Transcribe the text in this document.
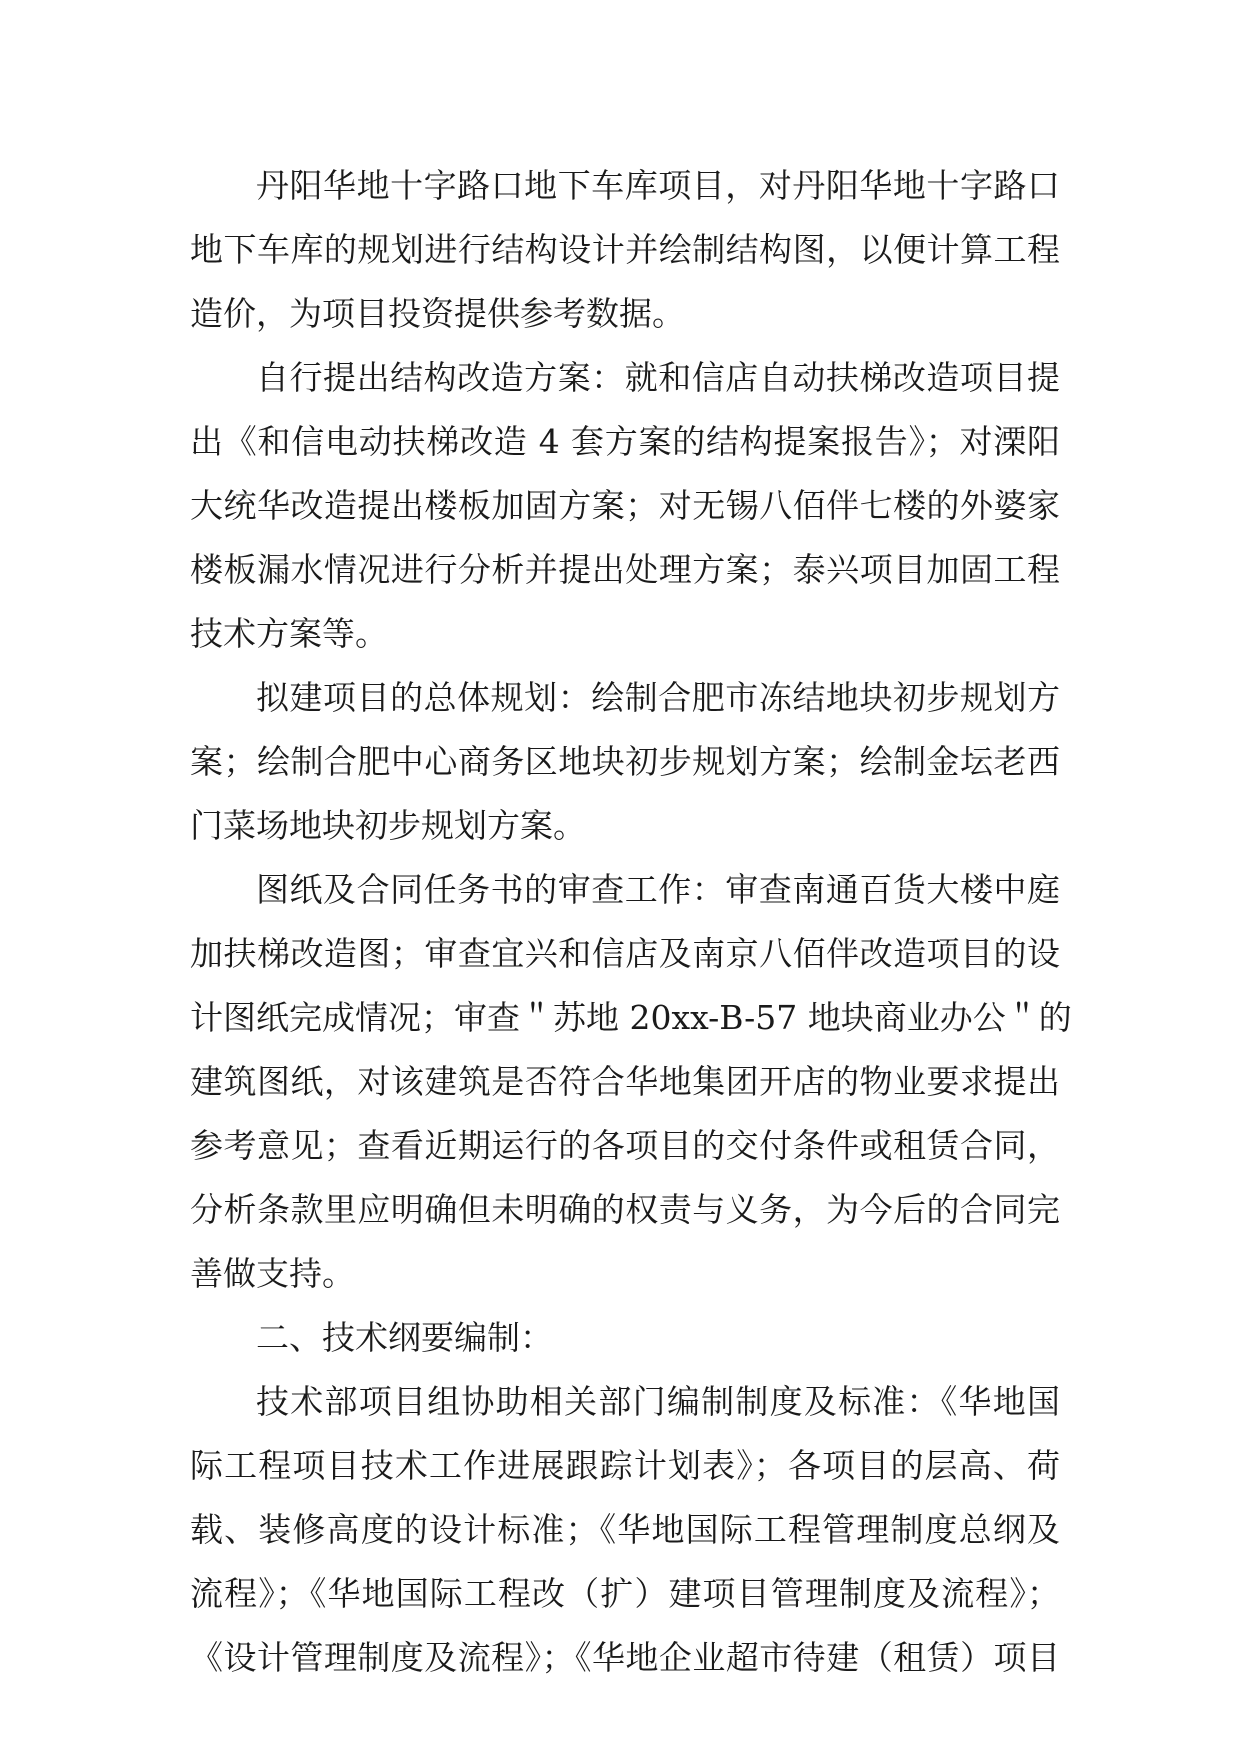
丹阳华地十字路口地下车库项目，对丹阳华地十字路口
地下车库的规划进行结构设计并绘制结构图，以便计算工程
造价，为项目投资提供参考数据。
自行提出结构改造方案：就和信店自动扶梯改造项目提
出《和信电动扶梯改造 4 套方案的结构提案报告》；对溧阳
大统华改造提出楼板加固方案；对无锡八佰伴七楼的外婆家
楼板漏水情况进行分析并提出处理方案；泰兴项目加固工程
技术方案等。
拟建项目的总体规划：绘制合肥市冻结地块初步规划方
案；绘制合肥中心商务区地块初步规划方案；绘制金坛老西
门菜场地块初步规划方案。
图纸及合同任务书的审查工作：审查南通百货大楼中庭
加扶梯改造图；审查宜兴和信店及南京八佰伴改造项目的设
计图纸完成情况；审查＂苏地 20xx-B-57 地块商业办公＂的
建筑图纸，对该建筑是否符合华地集团开店的物业要求提出
参考意见；查看近期运行的各项目的交付条件或租赁合同，
分析条款里应明确但未明确的权责与义务，为今后的合同完
善做支持。
二、技术纲要编制：
技术部项目组协助相关部门编制制度及标准：《华地国
际工程项目技术工作进展跟踪计划表》；各项目的层高、荷
载、装修高度的设计标准；《华地国际工程管理制度总纲及
流程》；《华地国际工程改（扩）建项目管理制度及流程》；
《设计管理制度及流程》；《华地企业超市待建（租赁）项目
